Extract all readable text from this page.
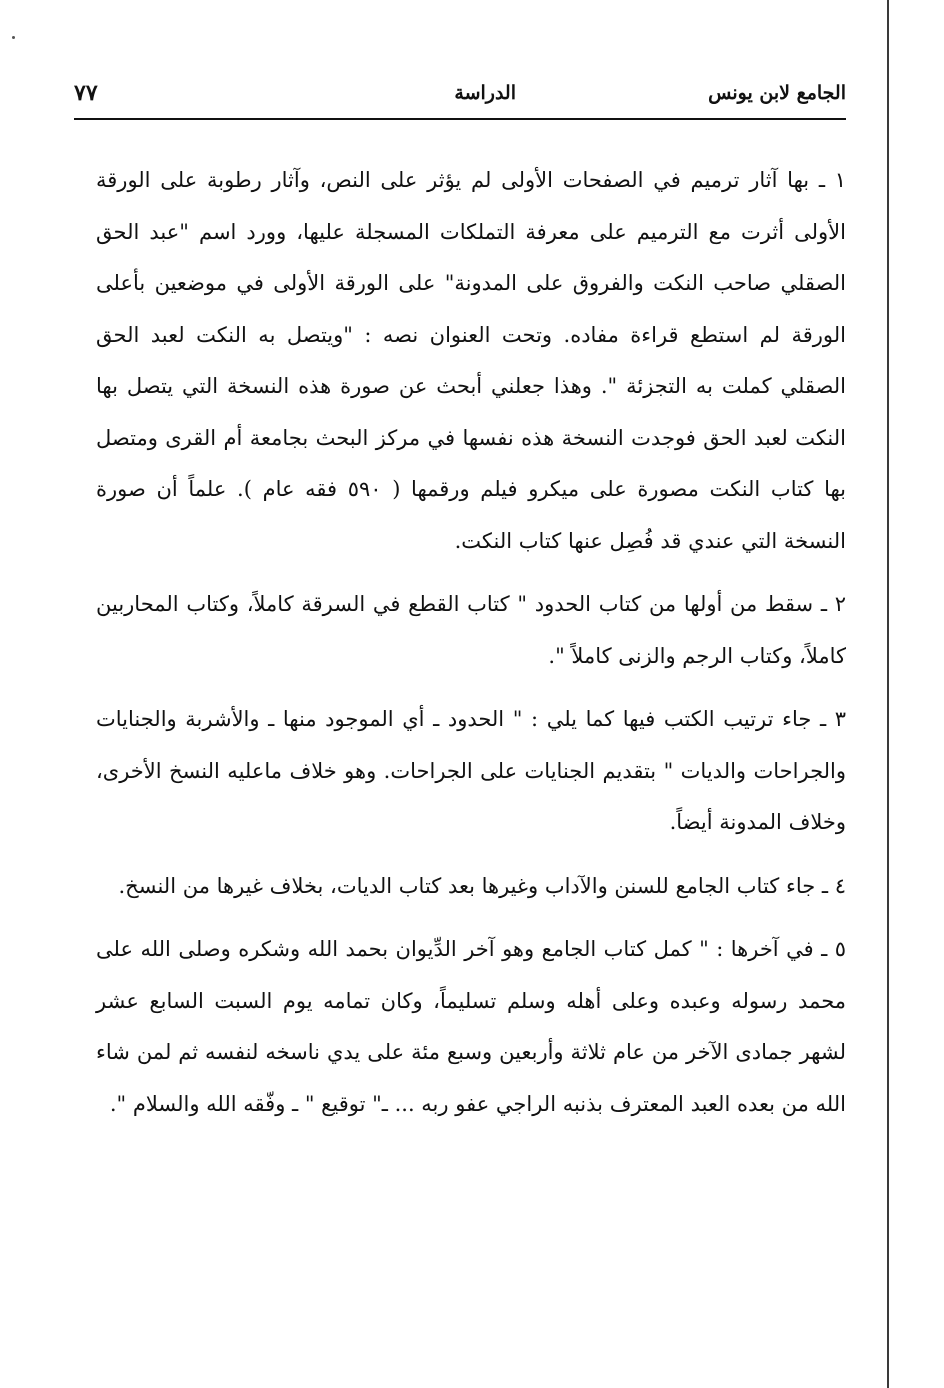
الجامع لابن يونس
الدراسة
٧٧

١ ـ بها آثار ترميم في الصفحات الأولى لم يؤثر على النص، وآثار رطوبة على الورقة الأولى أثرت مع الترميم على معرفة التملكات المسجلة عليها، وورد اسم "عبد الحق الصقلي صاحب النكت والفروق على المدونة" على الورقة الأولى في موضعين بأعلى الورقة لم استطع قراءة مفاده. وتحت العنوان نصه : "ويتصل به النكت لعبد الحق الصقلي كملت به التجزئة ". وهذا جعلني أبحث عن صورة هذه النسخة التي يتصل بها النكت لعبد الحق فوجدت النسخة هذه نفسها في مركز البحث بجامعة أم القرى ومتصل بها كتاب النكت مصورة على ميكرو فيلم ورقمها ( ٥٩٠ فقه عام ). علماً أن صورة النسخة التي عندي قد فُصِل عنها كتاب النكت.

٢ ـ سقط من أولها من كتاب الحدود " كتاب القطع في السرقة كاملاً، وكتاب المحاربين كاملاً، وكتاب الرجم والزنى كاملاً ".

٣ ـ جاء ترتيب الكتب فيها كما يلي : " الحدود ـ أي الموجود منها ـ والأشربة والجنايات والجراحات والديات " بتقديم الجنايات على الجراحات. وهو خلاف ماعليه النسخ الأخرى، وخلاف المدونة أيضاً.

٤ ـ جاء كتاب الجامع للسنن والآداب وغيرها بعد كتاب الديات، بخلاف غيرها من النسخ.

٥ ـ في آخرها : " كمل كتاب الجامع وهو آخر الدِّيوان بحمد الله وشكره وصلى الله على محمد رسوله وعبده وعلى أهله وسلم تسليماً، وكان تمامه يوم السبت السابع عشر لشهر جمادى الآخر من عام ثلاثة وأربعين وسبع مئة على يدي ناسخه لنفسه ثم لمن شاء الله من بعده العبد المعترف بذنبه الراجي عفو ربه ... ـ" توقيع " ـ وفّقه الله والسلام ".
